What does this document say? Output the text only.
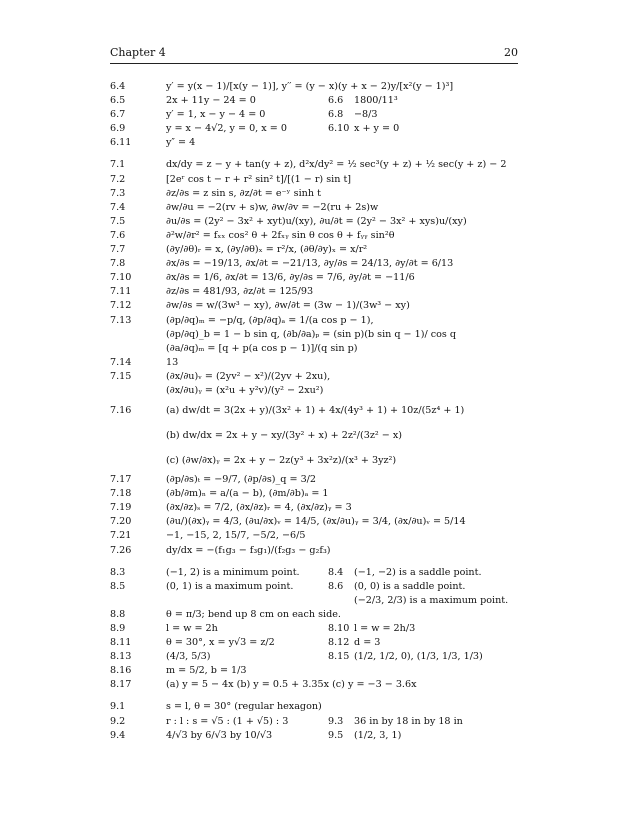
Chapter 4	20
6.4	y′ = y(x − 1)/[x(y − 1)], y′′ = (y − x)(y + x − 2)y/[x²(y − 1)³]
6.5	2x + 11y − 24 = 0	6.6 1800/11³
6.7	y′ = 1, x − y − 4 = 0	6.8 −8/3
6.9	y = x − 4√2, y = 0, x = 0	6.10 x + y = 0
6.11	y″ = 4
7.1	dx/dy = z − y + tan(y + z), d²x/dy² = ½ sec³(y + z) + ½ sec(y + z) − 2
7.2	[2eʳ cos t − r + r² sin² t]/[(1 − r) sin t]
7.3	∂z/∂s = z sin s, ∂z/∂t = e⁻ʸ sinh t
7.4	∂w/∂u = −2(rv + s)w, ∂w/∂v = −2(ru + 2s)w
7.5	∂u/∂s = (2y² − 3x² + xyt)u/(xy), ∂u/∂t = (2y² − 3x² + xys)u/(xy)
7.6	∂²w/∂r² = fₓₓ cos² θ + 2fₓᵧ sin θ cos θ + fᵧᵧ sin²θ
7.7	(∂y/∂θ)ᵣ = x, (∂y/∂θ)ₓ = r²/x, (∂θ/∂y)ₓ = x/r²
7.8	∂x/∂s = −19/13, ∂x/∂t = −21/13, ∂y/∂s = 24/13, ∂y/∂t = 6/13
7.10	∂x/∂s = 1/6, ∂x/∂t = 13/6, ∂y/∂s = 7/6, ∂y/∂t = −11/6
7.11	∂z/∂s = 481/93, ∂z/∂t = 125/93
7.12	∂w/∂s = w/(3w³ − xy), ∂w/∂t = (3w − 1)/(3w³ − xy)
7.13	(∂p/∂q)ₘ = −p/q, (∂p/∂q)ₐ = 1/(a cos p − 1),
(∂p/∂q)_b = 1 − b sin q, (∂b/∂a)ₚ = (sin p)(b sin q − 1)/ cos q
(∂a/∂q)ₘ = [q + p(a cos p − 1)]/(q sin p)
7.14	13
7.15	(∂x/∂u)ᵥ = (2yv² − x²)/(2yv + 2xu),
(∂x/∂u)ᵧ = (x²u + y²v)/(y² − 2xu²)
7.16	(a) dw/dt = 3(2x + y)/(3x² + 1) + 4x/(4y³ + 1) + 10z/(5z⁴ + 1)
(b) dw/dx = 2x + y − xy/(3y² + x) + 2z²/(3z² − x)
(c) (∂w/∂x)ᵧ = 2x + y − 2z(y³ + 3x²z)/(x³ + 3yz²)
7.17	(∂p/∂s)ₜ = −9/7, (∂p/∂s)_q = 3/2
7.18	(∂b/∂m)ₙ = a/(a − b), (∂m/∂b)ₐ = 1
7.19	(∂x/∂z)ₛ = 7/2, (∂x/∂z)ᵣ = 4, (∂x/∂z)ᵧ = 3
7.20	(∂u/)(∂x)ᵧ = 4/3, (∂u/∂x)ᵥ = 14/5, (∂x/∂u)ᵧ = 3/4, (∂x/∂u)ᵥ = 5/14
7.21	−1, −15, 2, 15/7, −5/2, −6/5
7.26	dy/dx = −(f₁g₃ − f₃g₁)/(f₂g₃ − g₂f₃)
8.3	(−1, 2) is a minimum point.	8.4 (−1, −2) is a saddle point.
8.5	(0, 1) is a maximum point.	8.6 (0, 0) is a saddle point.
(−2/3, 2/3) is a maximum point.
8.8	θ = π/3; bend up 8 cm on each side.
8.9	l = w = 2h	8.10 l = w = 2h/3
8.11	θ = 30°, x = y√3 = z/2	8.12 d = 3
8.13	(4/3, 5/3)	8.15 (1/2, 1/2, 0), (1/3, 1/3, 1/3)
8.16	m = 5/2, b = 1/3
8.17	(a) y = 5 − 4x (b) y = 0.5 + 3.35x (c) y = −3 − 3.6x
9.1	s = l, θ = 30° (regular hexagon)
9.2	r : l : s = √5 : (1 + √5) : 3	9.3 36 in by 18 in by 18 in
9.4	4/√3 by 6/√3 by 10/√3	9.5 (1/2, 3, 1)
